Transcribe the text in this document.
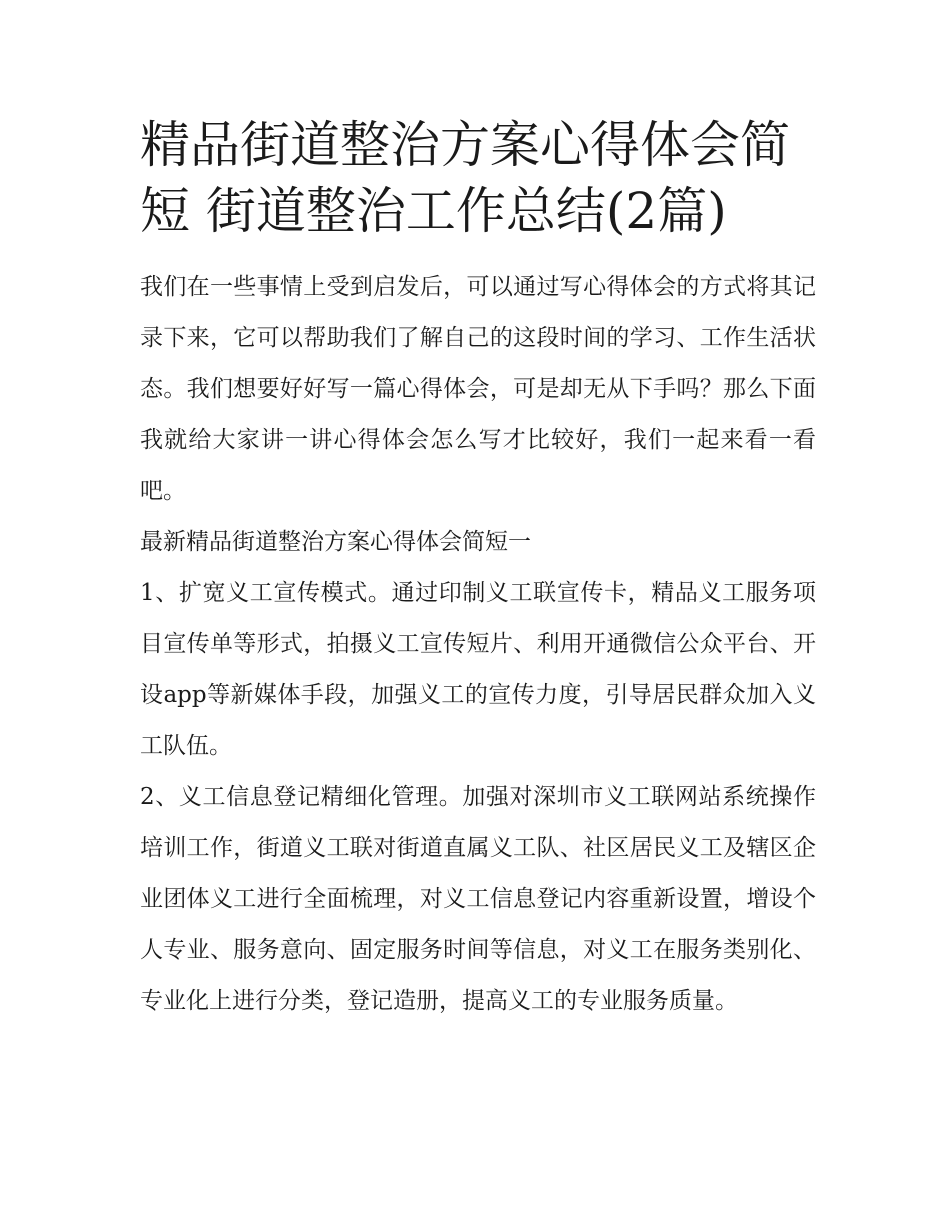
精品街道整治方案心得体会简短 街道整治工作总结(2篇)

我们在一些事情上受到启发后，可以通过写心得体会的方式将其记录下来，它可以帮助我们了解自己的这段时间的学习、工作生活状态。我们想要好好写一篇心得体会，可是却无从下手吗？那么下面我就给大家讲一讲心得体会怎么写才比较好，我们一起来看一看吧。

最新精品街道整治方案心得体会简短一

1、扩宽义工宣传模式。通过印制义工联宣传卡，精品义工服务项目宣传单等形式，拍摄义工宣传短片、利用开通微信公众平台、开设app等新媒体手段，加强义工的宣传力度，引导居民群众加入义工队伍。

2、义工信息登记精细化管理。加强对深圳市义工联网站系统操作培训工作，街道义工联对街道直属义工队、社区居民义工及辖区企业团体义工进行全面梳理，对义工信息登记内容重新设置，增设个人专业、服务意向、固定服务时间等信息，对义工在服务类别化、专业化上进行分类，登记造册，提高义工的专业服务质量。
